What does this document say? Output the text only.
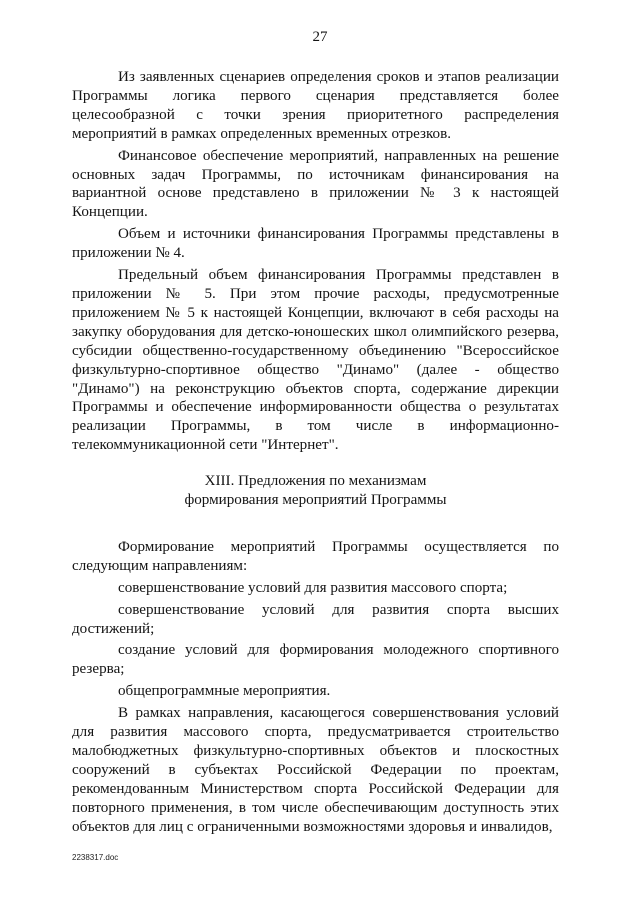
27

Из заявленных сценариев определения сроков и этапов реализации Программы логика первого сценария представляется более целесообразной с точки зрения приоритетного распределения мероприятий в рамках определенных временных отрезков.

Финансовое обеспечение мероприятий, направленных на решение основных задач Программы, по источникам финансирования на вариантной основе представлено в приложении № 3 к настоящей Концепции.

Объем и источники финансирования Программы представлены в приложении № 4.

Предельный объем финансирования Программы представлен в приложении № 5. При этом прочие расходы, предусмотренные приложением № 5 к настоящей Концепции, включают в себя расходы на закупку оборудования для детско-юношеских школ олимпийского резерва, субсидии общественно-государственному объединению "Всероссийское физкультурно-спортивное общество "Динамо" (далее - общество "Динамо") на реконструкцию объектов спорта, содержание дирекции Программы и обеспечение информированности общества о результатах реализации Программы, в том числе в информационно-телекоммуникационной сети "Интернет".

XIII. Предложения по механизмам
формирования мероприятий Программы

Формирование мероприятий Программы осуществляется по следующим направлениям:

совершенствование условий для развития массового спорта;

совершенствование условий для развития спорта высших достижений;

создание условий для формирования молодежного спортивного резерва;

общепрограммные мероприятия.

В рамках направления, касающегося совершенствования условий для развития массового спорта, предусматривается строительство малобюджетных физкультурно-спортивных объектов и плоскостных сооружений в субъектах Российской Федерации по проектам, рекомендованным Министерством спорта Российской Федерации для повторного применения, в том числе обеспечивающим доступность этих объектов для лиц с ограниченными возможностями здоровья и инвалидов,

2238317.doc
